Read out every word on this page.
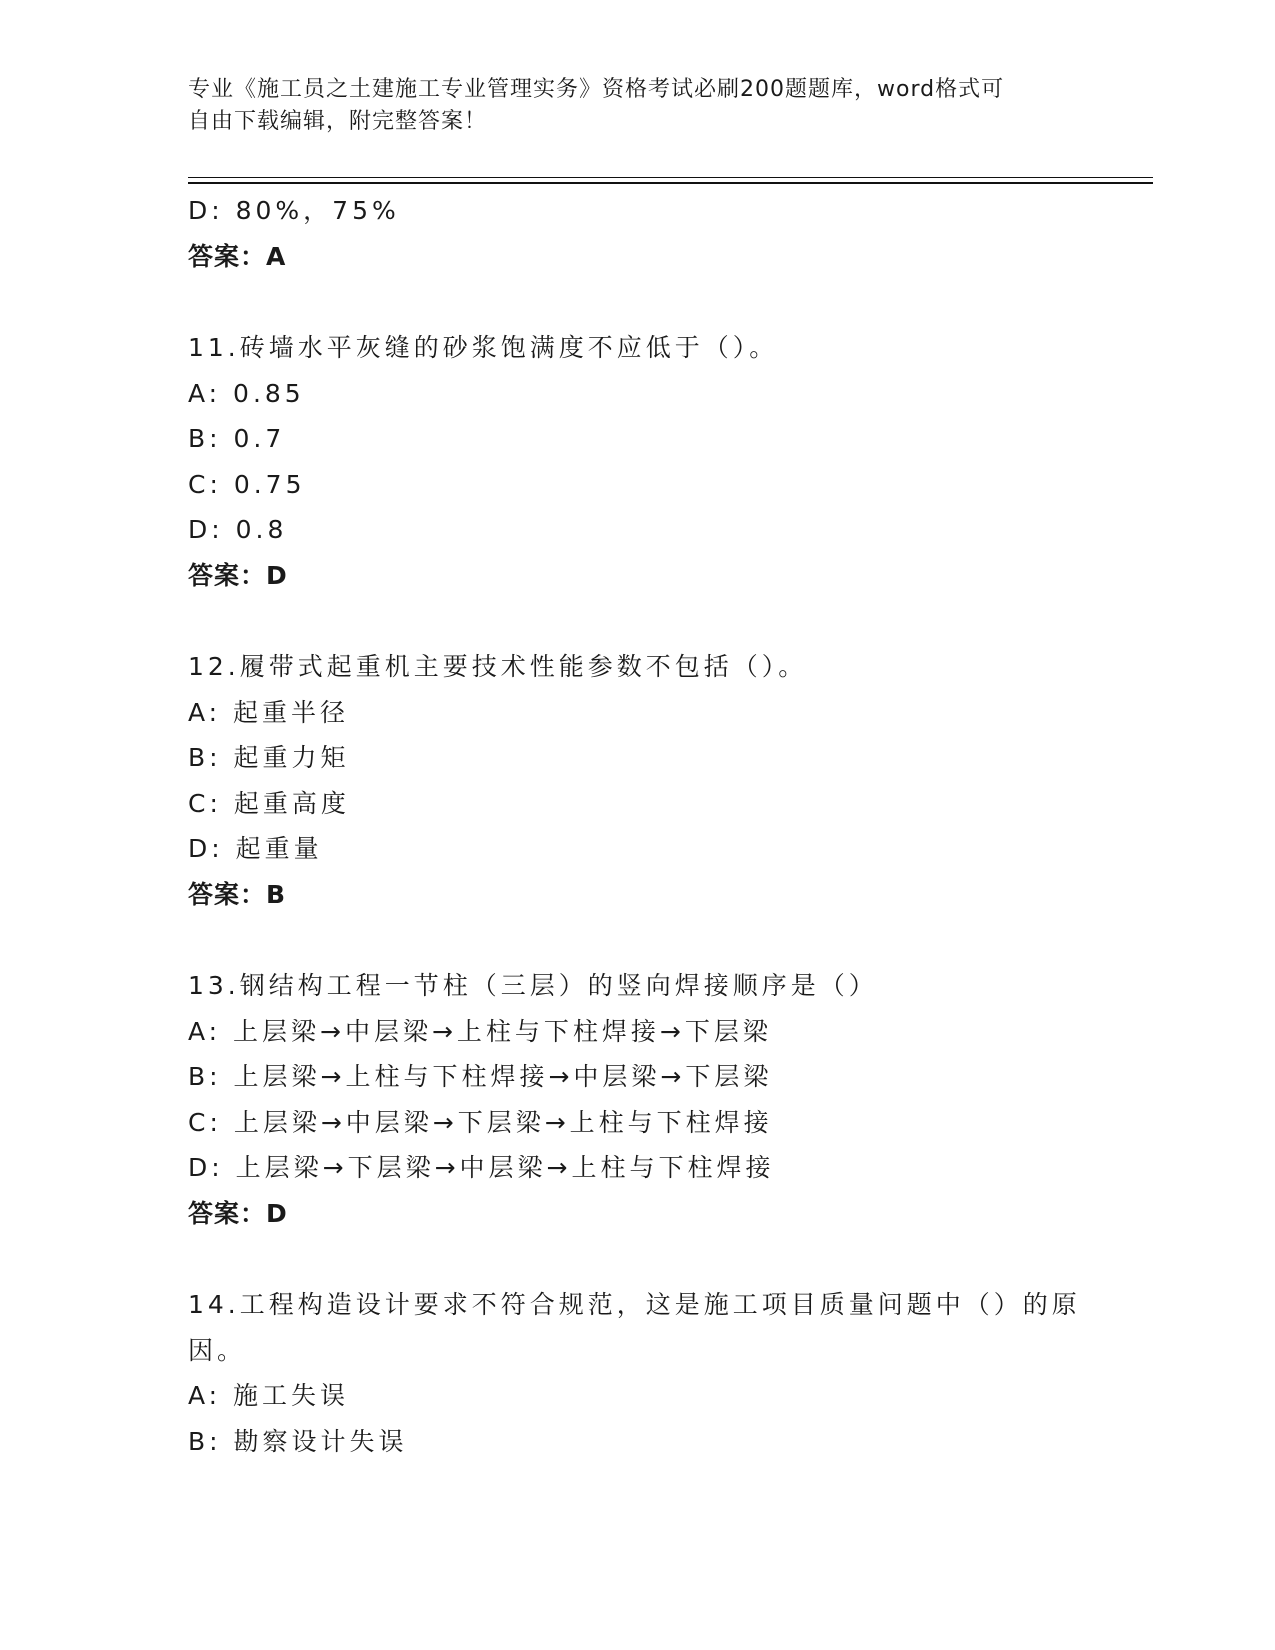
专业《施工员之土建施工专业管理实务》资格考试必刷200题题库，word格式可
自由下载编辑，附完整答案！
D: 80%，75%
答案：A
11.砖墙水平灰缝的砂浆饱满度不应低于（）。
A: 0.85
B: 0.7
C: 0.75
D: 0.8
答案：D
12.履带式起重机主要技术性能参数不包括（）。
A: 起重半径
B: 起重力矩
C: 起重高度
D: 起重量
答案：B
13.钢结构工程一节柱（三层）的竖向焊接顺序是（）
A: 上层梁→中层梁→上柱与下柱焊接→下层梁
B: 上层梁→上柱与下柱焊接→中层梁→下层梁
C: 上层梁→中层梁→下层梁→上柱与下柱焊接
D: 上层梁→下层梁→中层梁→上柱与下柱焊接
答案：D
14.工程构造设计要求不符合规范，这是施工项目质量问题中（）的原
因。
A: 施工失误
B: 勘察设计失误
